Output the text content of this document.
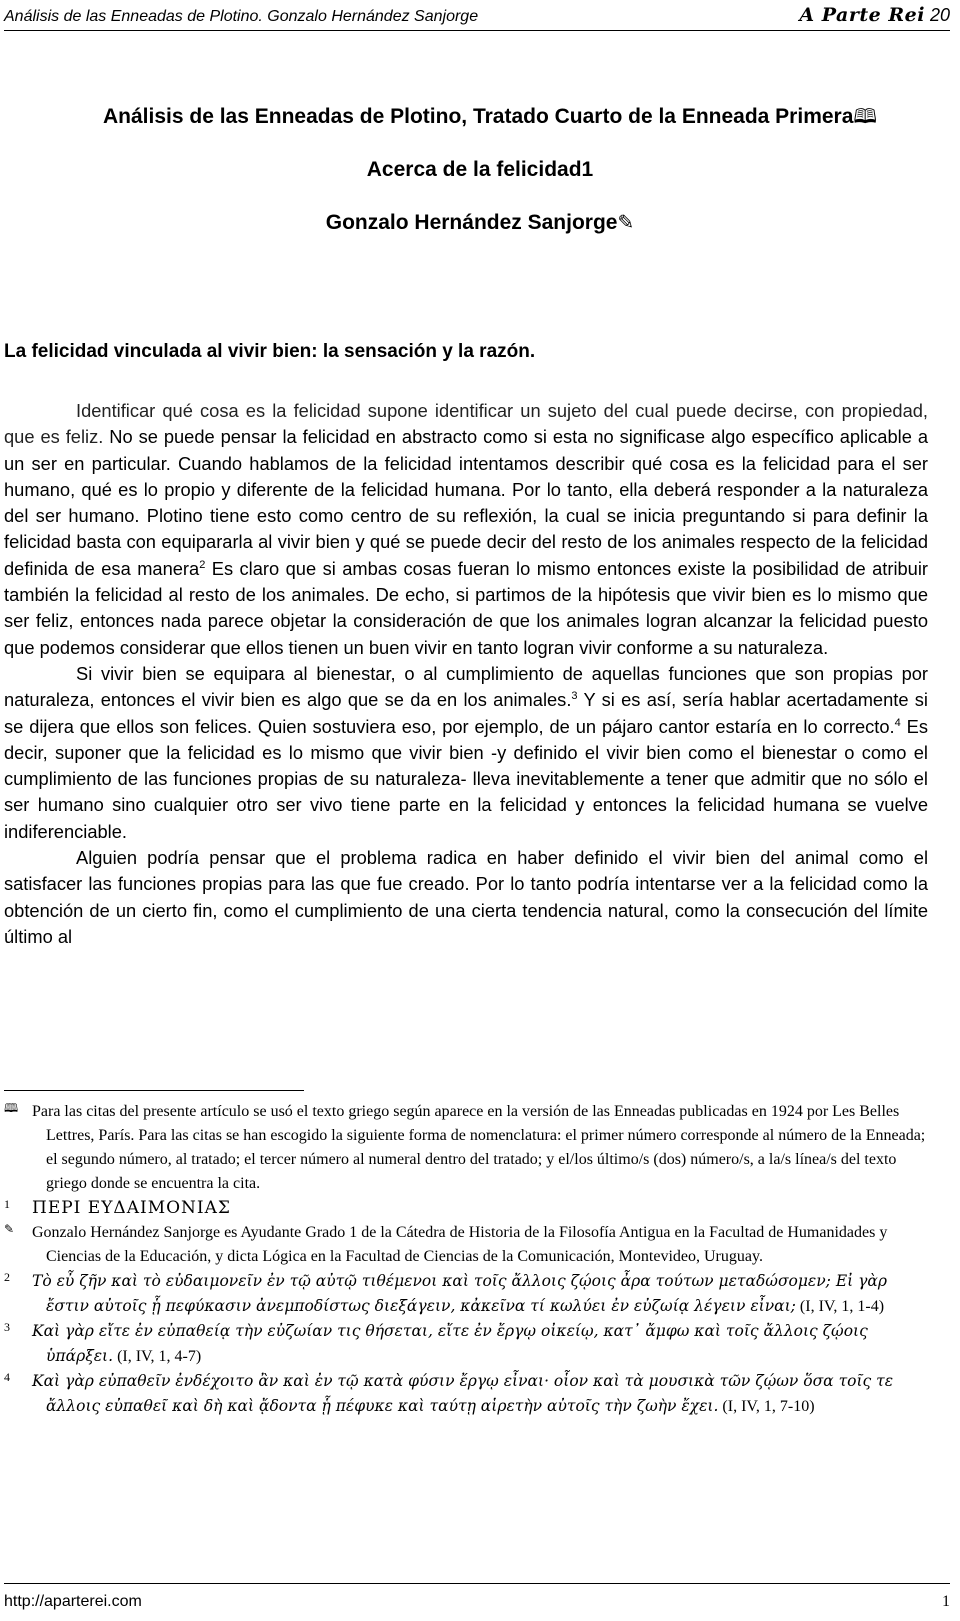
Análisis de las Enneadas de Plotino. Gonzalo Hernández Sanjorge	A Parte Rei 20
Análisis de las Enneadas de Plotino, Tratado Cuarto de la Enneada Primera🕮
Acerca de la felicidad1
Gonzalo Hernández Sanjorge✎
La felicidad vinculada al vivir bien: la sensación y la razón.

Identificar qué cosa es la felicidad supone identificar un sujeto del cual puede decirse, con propiedad, que es feliz. No se puede pensar la felicidad en abstracto como si esta no significase algo específico aplicable a un ser en particular. Cuando hablamos de la felicidad intentamos describir qué cosa es la felicidad para el ser humano, qué es lo propio y diferente de la felicidad humana. Por lo tanto, ella deberá responder a la naturaleza del ser humano. Plotino tiene esto como centro de su reflexión, la cual se inicia preguntando si para definir la felicidad basta con equipararla al vivir bien y qué se puede decir del resto de los animales respecto de la felicidad definida de esa manera$^2$ Es claro que si ambas cosas fueran lo mismo entonces existe la posibilidad de atribuir también la felicidad al resto de los animales. De echo, si partimos de la hipótesis que vivir bien es lo mismo que ser feliz, entonces nada parece objetar la consideración de que los animales logran alcanzar la felicidad puesto que podemos considerar que ellos tienen un buen vivir en tanto logran vivir conforme a su naturaleza.

Si vivir bien se equipara al bienestar, o al cumplimiento de aquellas funciones que son propias por naturaleza, entonces el vivir bien es algo que se da en los animales.$^3$ Y si es así, sería hablar acertadamente si se dijera que ellos son felices. Quien sostuviera eso, por ejemplo, de un pájaro cantor estaría en lo correcto.$^4$ Es decir, suponer que la felicidad es lo mismo que vivir bien -y definido el vivir bien como el bienestar o como el cumplimiento de las funciones propias de su naturaleza- lleva inevitablemente a tener que admitir que no sólo el ser humano sino cualquier otro ser vivo tiene parte en la felicidad y entonces la felicidad humana se vuelve indiferenciable.

Alguien podría pensar que el problema radica en haber definido el vivir bien del animal como el satisfacer las funciones propias para las que fue creado. Por lo tanto podría intentarse ver a la felicidad como la obtención de un cierto fin, como el cumplimiento de una cierta tendencia natural, como la consecución del límite último al

🕮 Para las citas del presente artículo se usó el texto griego según aparece en la versión de las Enneadas publicadas en 1924 por Les Belles Lettres, París. Para las citas se han escogido la siguiente forma de nomenclatura: el primer número corresponde al número de la Enneada; el segundo número, al tratado; el tercer número al numeral dentro del tratado; y el/los último/s (dos) número/s, a la/s línea/s del texto griego donde se encuentra la cita.
1 ΠΕΡΙ ΕΥΔΑΙΜΟΝΙΑΣ
✎ Gonzalo Hernández Sanjorge es Ayudante Grado 1 de la Cátedra de Historia de la Filosofía Antigua en la Facultad de Humanidades y Ciencias de la Educación, y dicta Lógica en la Facultad de Ciencias de la Comunicación, Montevideo, Uruguay.
2 Τὸ εὖ ζῆν καὶ τὸ εὐδαιμονεῖν ἐν τῷ αὐτῷ τιθέμενοι καὶ τοῖς ἄλλοις ζῴοις ἆρα τούτων μεταδώσομεν; Εἰ γὰρ ἔστιν αὐτοῖς ᾗ πεφύκασιν ἀνεμποδίστως διεξάγειν, κἀκεῖνα τί κωλύει ἐν εὐζωίᾳ λέγειν εἶναι; (I, IV, 1, 1-4)
3 Καὶ γὰρ εἴτε ἐν εὐπαθείᾳ τὴν εὐζωίαν τις θήσεται, εἴτε ἐν ἔργῳ οἰκείῳ, κατ᾽ ἄμφω καὶ τοῖς ἄλλοις ζῴοις ὑπάρξει. (I, IV, 1, 4-7)
4 Καὶ γὰρ εὐπαθεῖν ἐνδέχοιτο ἂν καὶ ἐν τῷ κατὰ φύσιν ἔργῳ εἶναι· οἷον καὶ τὰ μουσικὰ τῶν ζῴων ὅσα τοῖς τε ἄλλοις εὐπαθεῖ καὶ δὴ καὶ ᾄδοντα ᾗ πέφυκε καὶ ταύτῃ αἱρετὴν αὐτοῖς τὴν ζωὴν ἔχει. (I, IV, 1, 7-10)
http://aparterei.com	1
